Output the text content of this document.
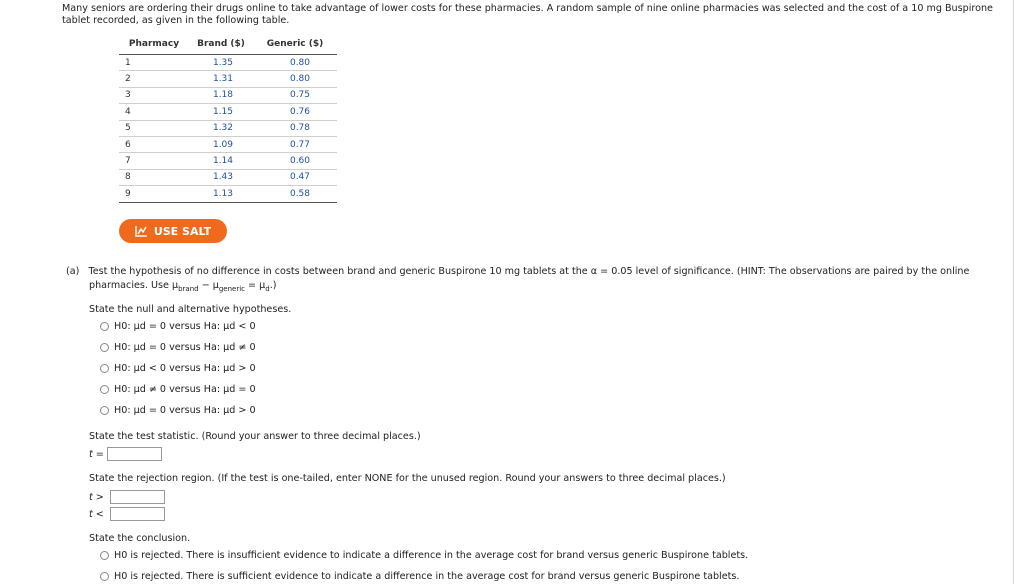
Many seniors are ordering their drugs online to take advantage of lower costs for these pharmacies. A random sample of nine online pharmacies was selected and the cost of a 10 mg Buspirone tablet recorded, as given in the following table.
Pharmacy	Brand ($)	Generic ($)
1	1.35	0.80
2	1.31	0.80
3	1.18	0.75
4	1.15	0.76
5	1.32	0.78
6	1.09	0.77
7	1.14	0.60
8	1.43	0.47
9	1.13	0.58
USE SALT
(a) Test the hypothesis of no difference in costs between brand and generic Buspirone 10 mg tablets at the α = 0.05 level of significance. (HINT: The observations are paired by the online
pharmacies. Use $\mu_{brand} - \mu_{generic} = \mu_d$.)
State the null and alternative hypotheses.
H0: μd = 0 versus Ha: μd < 0
H0: μd = 0 versus Ha: μd ≠ 0
H0: μd < 0 versus Ha: μd > 0
H0: μd ≠ 0 versus Ha: μd = 0
H0: μd = 0 versus Ha: μd > 0
State the test statistic. (Round your answer to three decimal places.)
t =
State the rejection region. (If the test is one-tailed, enter NONE for the unused region. Round your answers to three decimal places.)
t >
t <
State the conclusion.
H0 is rejected. There is insufficient evidence to indicate a difference in the average cost for brand versus generic Buspirone tablets.
H0 is rejected. There is sufficient evidence to indicate a difference in the average cost for brand versus generic Buspirone tablets.
